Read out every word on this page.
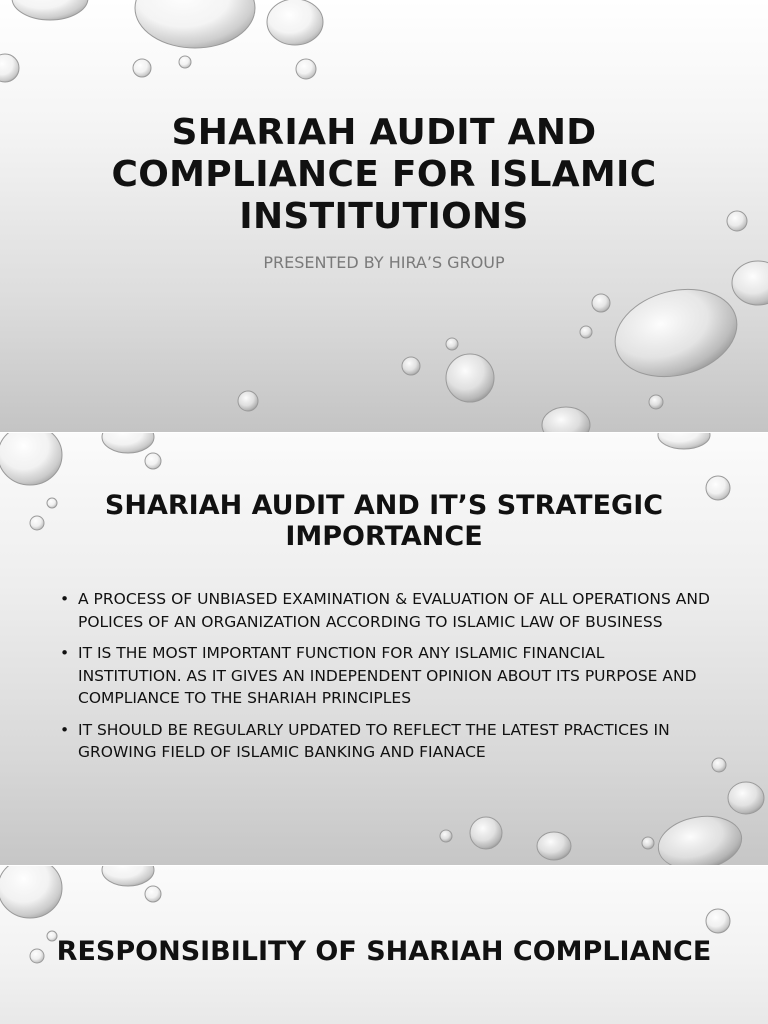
SHARIAH AUDIT AND COMPLIANCE FOR ISLAMIC INSTITUTIONS

PRESENTED BY HIRA’S GROUP

SHARIAH AUDIT AND IT’S STRATEGIC IMPORTANCE
• A PROCESS OF UNBIASED EXAMINATION & EVALUATION OF ALL OPERATIONS AND POLICES OF AN ORGANIZATION ACCORDING TO ISLAMIC LAW OF BUSINESS
• IT IS THE MOST IMPORTANT FUNCTION FOR ANY ISLAMIC FINANCIAL INSTITUTION. AS IT GIVES AN INDEPENDENT OPINION ABOUT ITS PURPOSE AND COMPLIANCE TO THE SHARIAH PRINCIPLES
• IT SHOULD BE REGULARLY UPDATED TO REFLECT THE LATEST PRACTICES IN GROWING FIELD OF ISLAMIC BANKING AND FIANACE
RESPONSIBILITY OF SHARIAH COMPLIANCE
